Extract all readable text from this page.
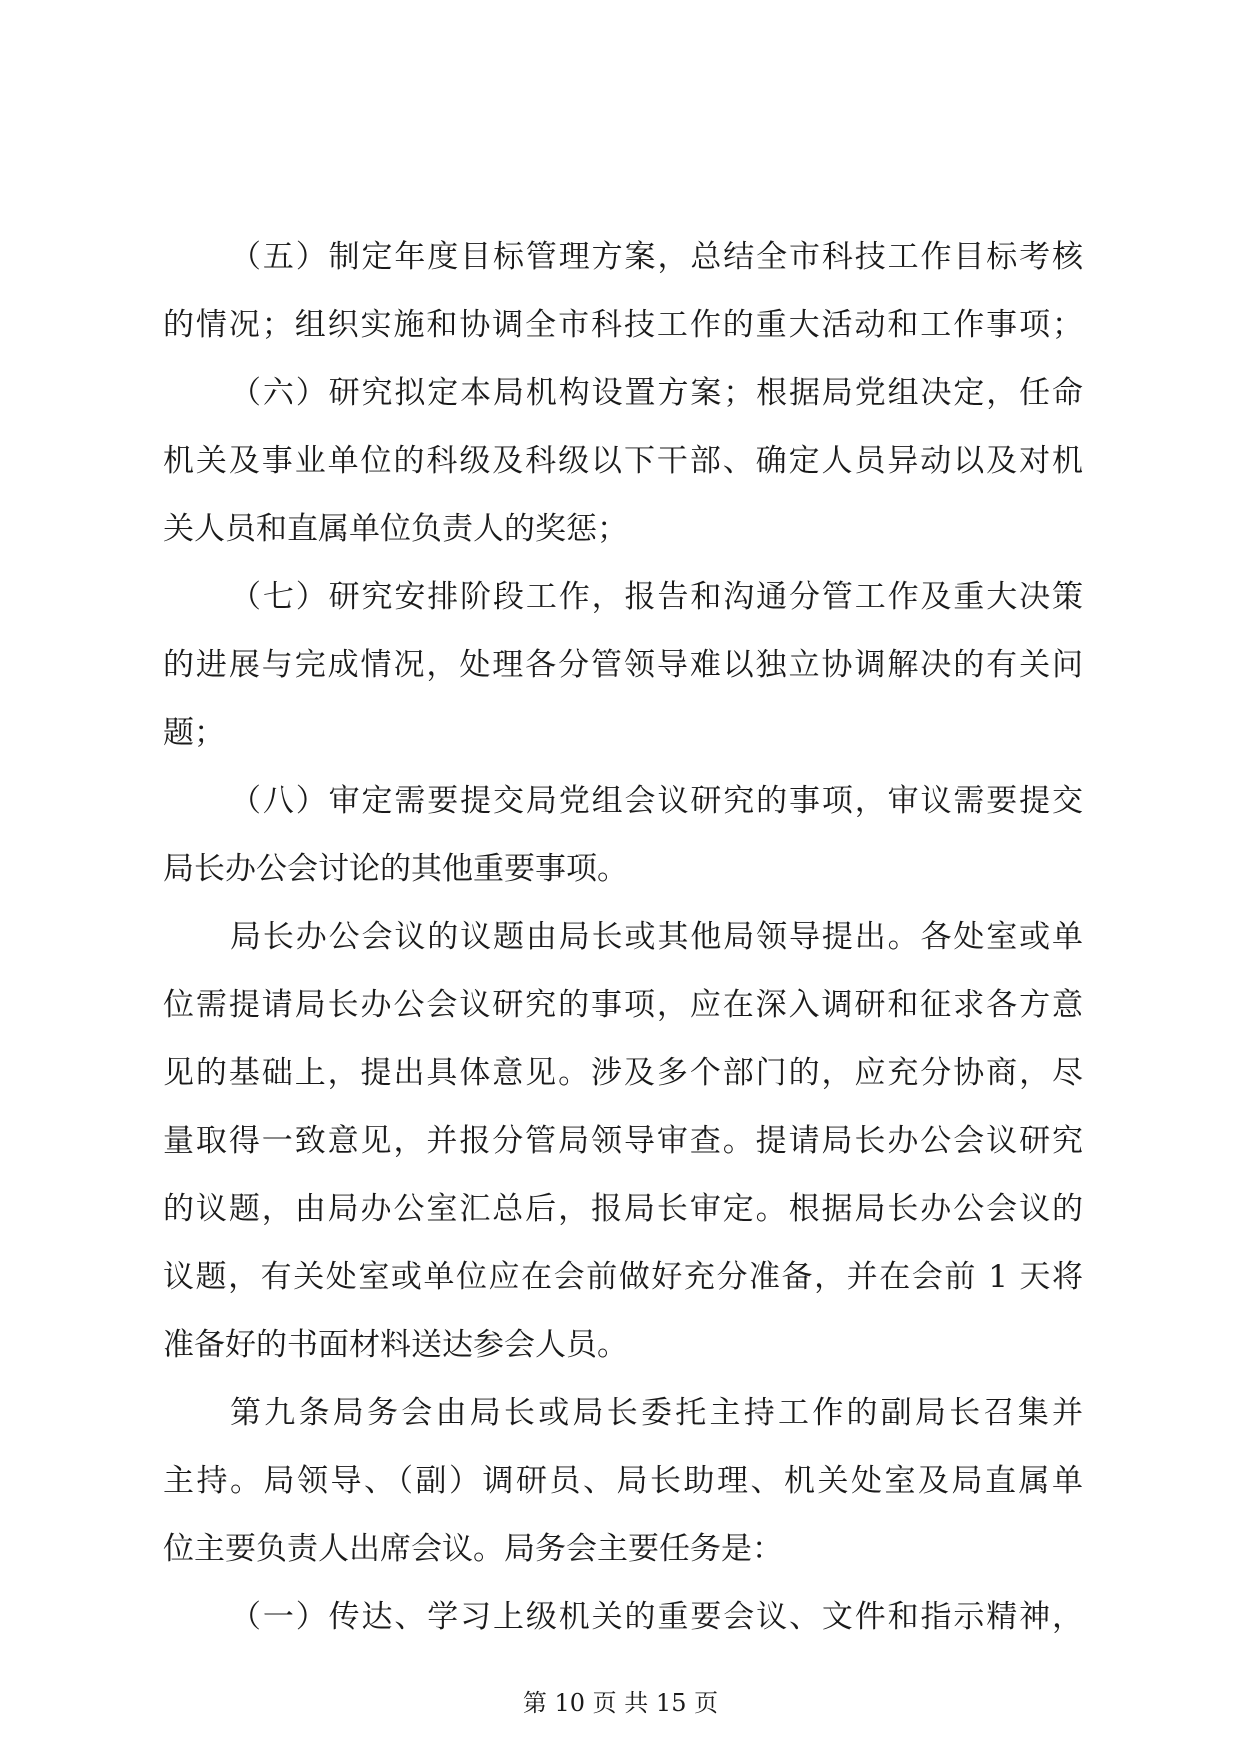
（五）制定年度目标管理方案，总结全市科技工作目标考核
的情况；组织实施和协调全市科技工作的重大活动和工作事项；
（六）研究拟定本局机构设置方案；根据局党组决定，任命
机关及事业单位的科级及科级以下干部、确定人员异动以及对机
关人员和直属单位负责人的奖惩；
（七）研究安排阶段工作，报告和沟通分管工作及重大决策
的进展与完成情况，处理各分管领导难以独立协调解决的有关问
题；
（八）审定需要提交局党组会议研究的事项，审议需要提交
局长办公会讨论的其他重要事项。
局长办公会议的议题由局长或其他局领导提出。各处室或单
位需提请局长办公会议研究的事项，应在深入调研和征求各方意
见的基础上，提出具体意见。涉及多个部门的，应充分协商，尽
量取得一致意见，并报分管局领导审查。提请局长办公会议研究
的议题，由局办公室汇总后，报局长审定。根据局长办公会议的
议题，有关处室或单位应在会前做好充分准备，并在会前 1 天将
准备好的书面材料送达参会人员。
第九条局务会由局长或局长委托主持工作的副局长召集并
主持。局领导、（副）调研员、局长助理、机关处室及局直属单
位主要负责人出席会议。局务会主要任务是：
（一）传达、学习上级机关的重要会议、文件和指示精神，
第 10 页 共 15 页
